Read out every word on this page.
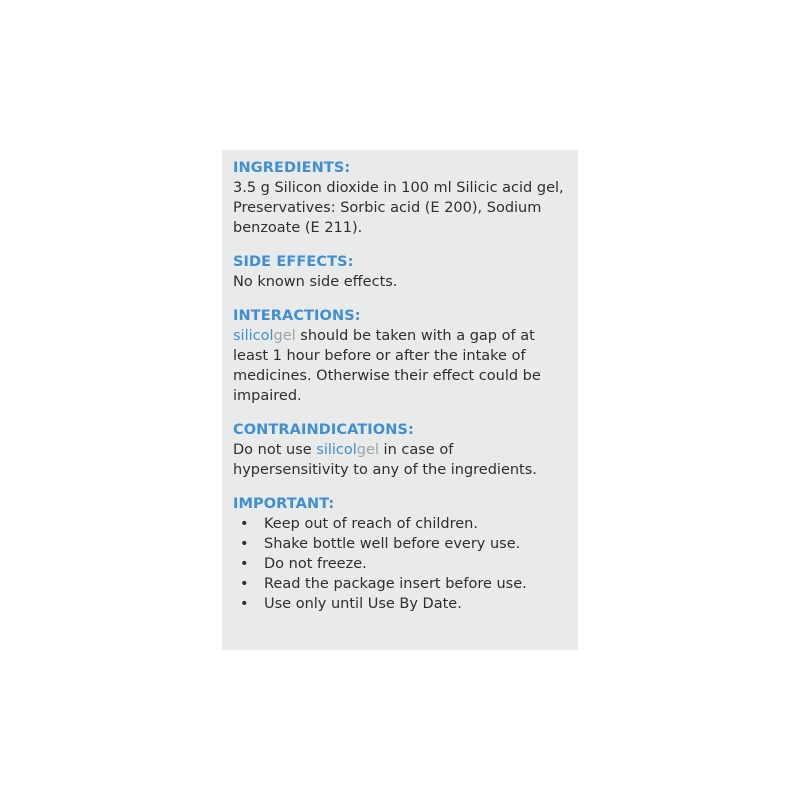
INGREDIENTS:

3.5 g Silicon dioxide in 100 ml Silicic acid gel,
Preservatives: Sorbic acid (E 200), Sodium
benzoate (E 211).

SIDE EFFECTS:

No known side effects.

INTERACTIONS:

silicolgel should be taken with a gap of at
least 1 hour before or after the intake of
medicines. Otherwise their effect could be
impaired.

CONTRAINDICATIONS:

Do not use silicolgel in case of
hypersensitivity to any of the ingredients.

IMPORTANT:

• Keep out of reach of children.
• Shake bottle well before every use.
• Do not freeze.
• Read the package insert before use.
• Use only until Use By Date.
